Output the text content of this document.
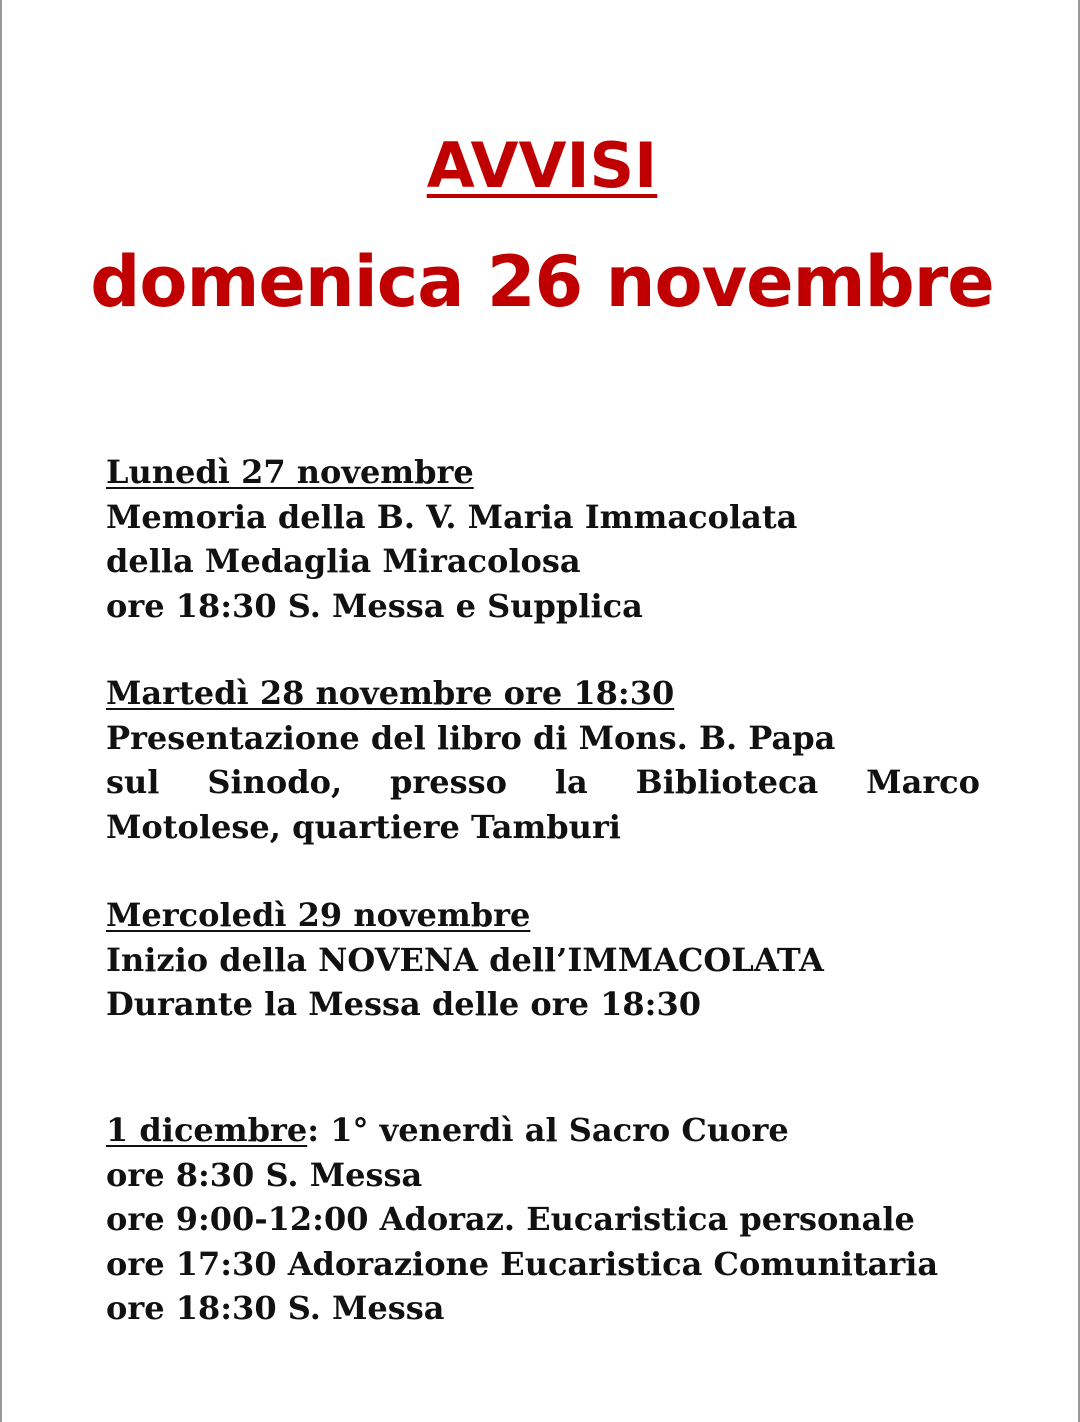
AVVISI
domenica 26 novembre

Lunedì 27 novembre

Memoria della B. V. Maria Immacolata

della Medaglia Miracolosa

ore 18:30 S. Messa e Supplica

Martedì 28 novembre ore 18:30

Presentazione del libro di Mons. B. Papa

sul Sinodo, presso la Biblioteca Marco

Motolese, quartiere Tamburi

Mercoledì 29 novembre

Inizio della NOVENA dell’IMMACOLATA

Durante la Messa delle ore 18:30

1 dicembre: 1° venerdì al Sacro Cuore

ore 8:30 S. Messa

ore 9:00-12:00 Adoraz. Eucaristica personale

ore 17:30 Adorazione Eucaristica Comunitaria

ore 18:30 S. Messa
